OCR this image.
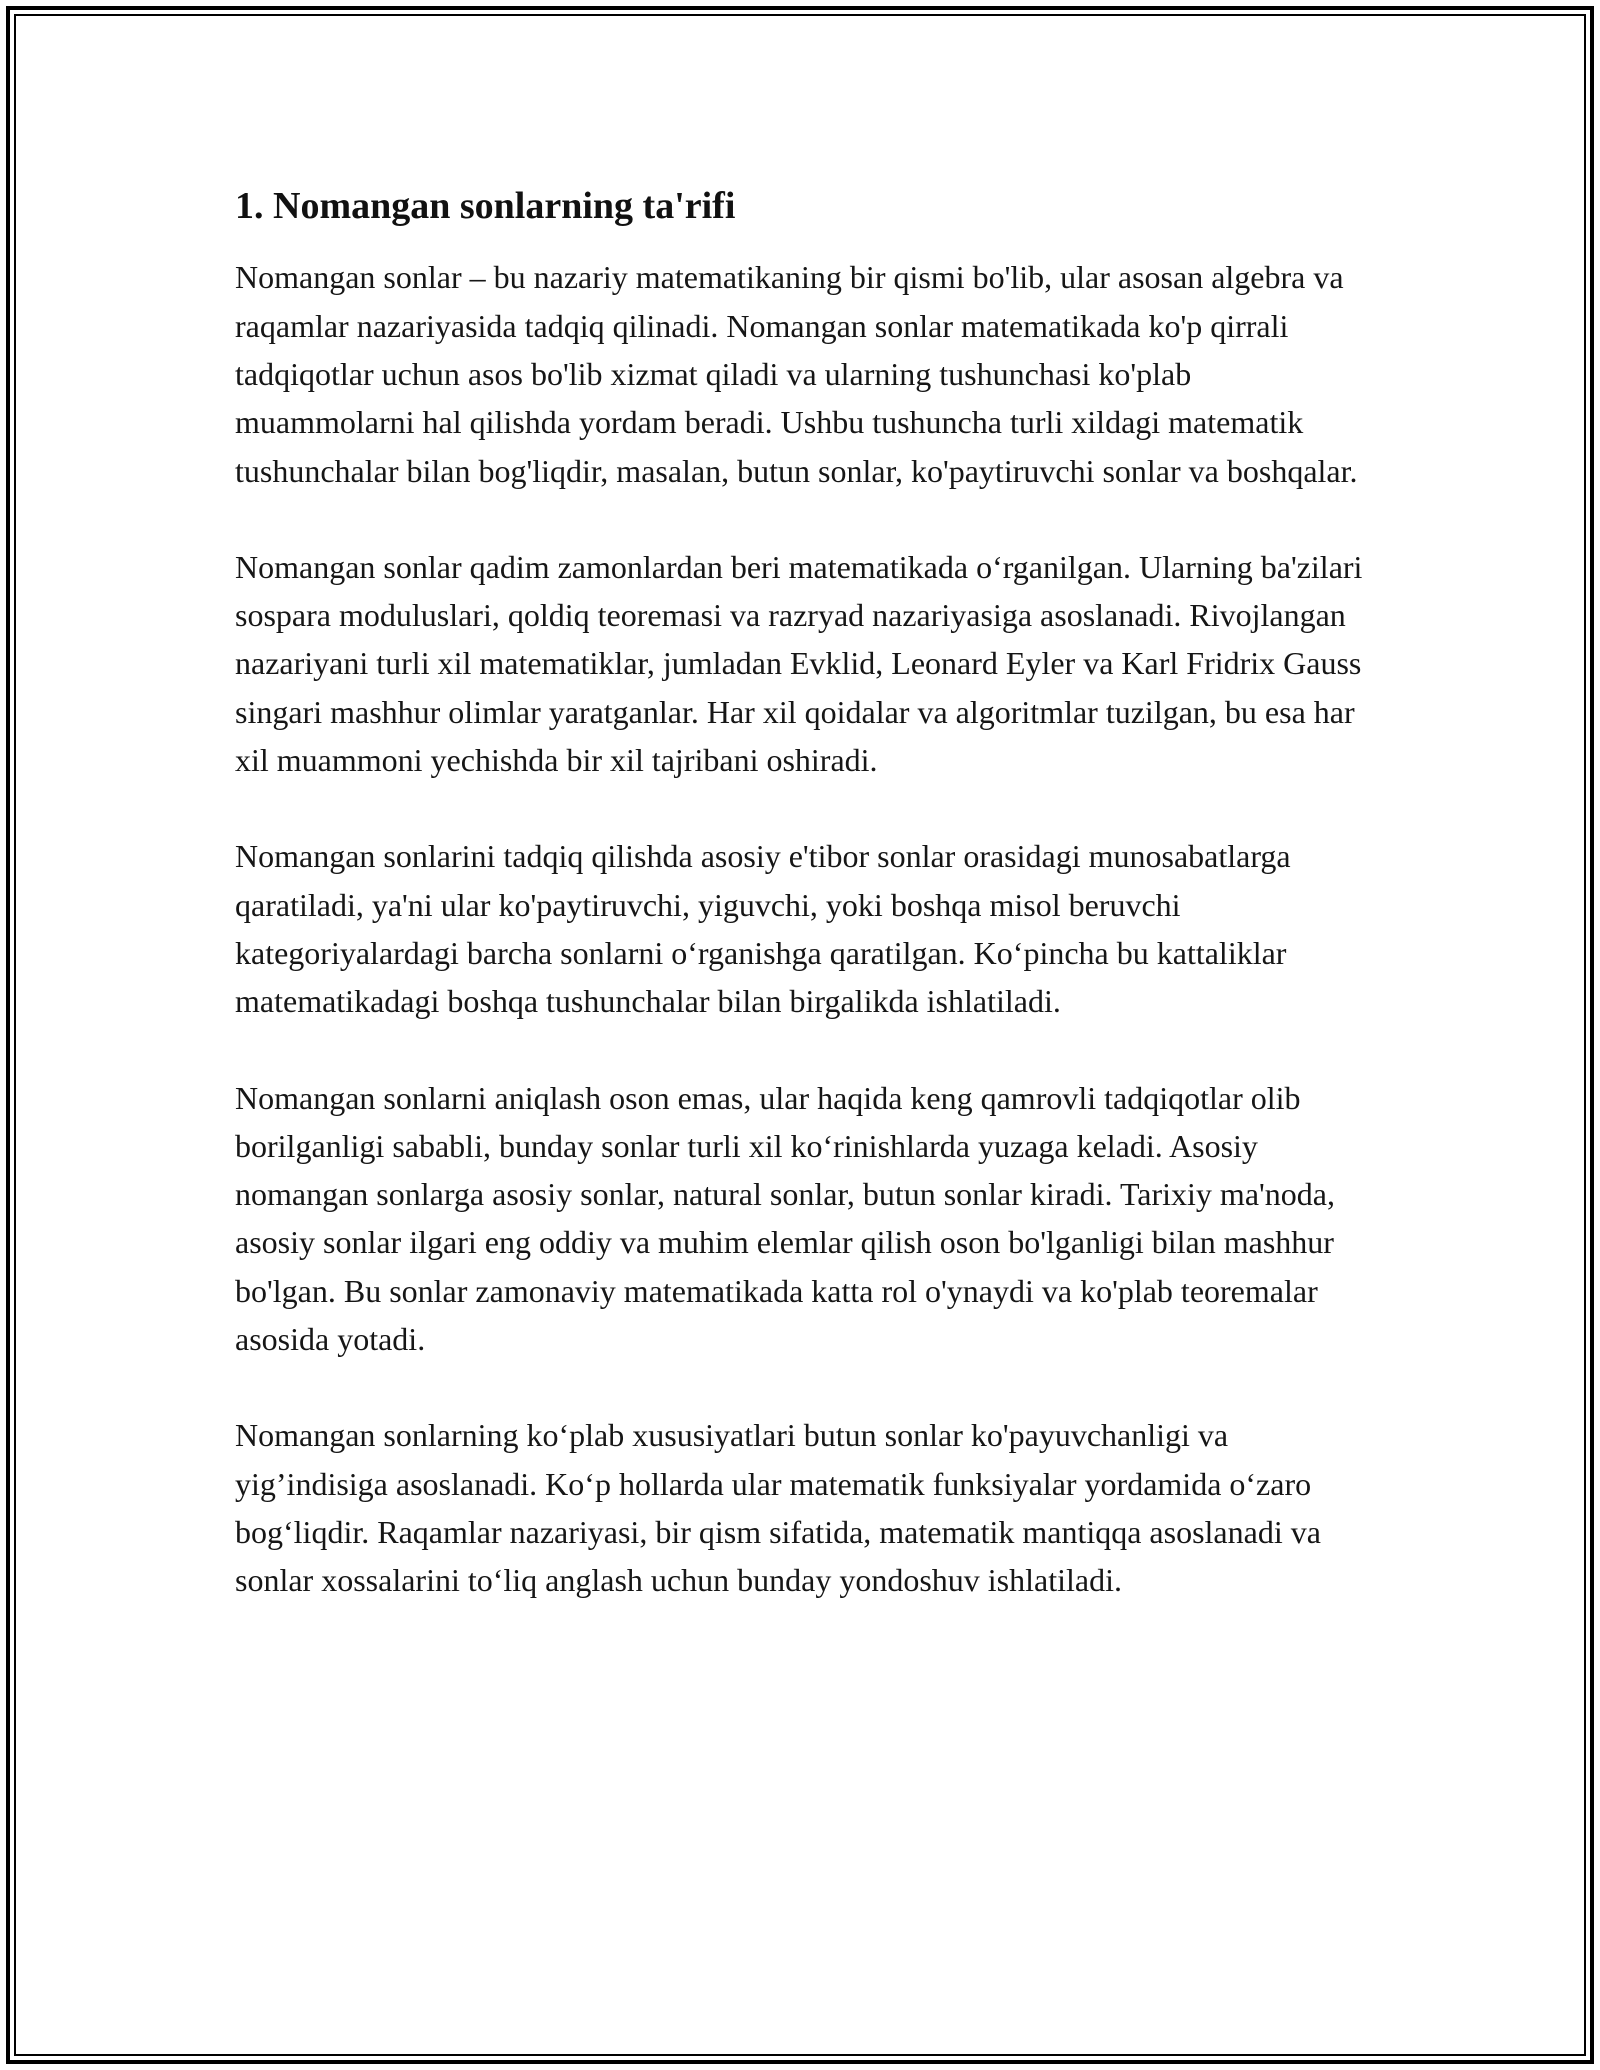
1. Nomangan sonlarning ta'rifi

Nomangan sonlar – bu nazariy matematikaning bir qismi bo'lib, ular asosan algebra va raqamlar nazariyasida tadqiq qilinadi. Nomangan sonlar matematikada ko'p qirrali tadqiqotlar uchun asos bo'lib xizmat qiladi va ularning tushunchasi ko'plab muammolarni hal qilishda yordam beradi. Ushbu tushuncha turli xildagi matematik tushunchalar bilan bog'liqdir, masalan, butun sonlar, ko'paytiruvchi sonlar va boshqalar.

Nomangan sonlar qadim zamonlardan beri matematikada o‘rganilgan. Ularning ba'zilari sospara moduluslari, qoldiq teoremasi va razryad nazariyasiga asoslanadi. Rivojlangan nazariyani turli xil matematiklar, jumladan Evklid, Leonard Eyler va Karl Fridrix Gauss singari mashhur olimlar yaratganlar. Har xil qoidalar va algoritmlar tuzilgan, bu esa har xil muammoni yechishda bir xil tajribani oshiradi.

Nomangan sonlarini tadqiq qilishda asosiy e'tibor sonlar orasidagi munosabatlarga qaratiladi, ya'ni ular ko'paytiruvchi, yiguvchi, yoki boshqa misol beruvchi kategoriyalardagi barcha sonlarni o‘rganishga qaratilgan. Ko‘pincha bu kattaliklar matematikadagi boshqa tushunchalar bilan birgalikda ishlatiladi.

Nomangan sonlarni aniqlash oson emas, ular haqida keng qamrovli tadqiqotlar olib borilganligi sababli, bunday sonlar turli xil ko‘rinishlarda yuzaga keladi. Asosiy nomangan sonlarga asosiy sonlar, natural sonlar, butun sonlar kiradi. Tarixiy ma'noda, asosiy sonlar ilgari eng oddiy va muhim elemlar qilish oson bo'lganligi bilan mashhur bo'lgan. Bu sonlar zamonaviy matematikada katta rol o'ynaydi va ko'plab teoremalar asosida yotadi.

Nomangan sonlarning ko‘plab xususiyatlari butun sonlar ko'payuvchanligi va yig’indisiga asoslanadi. Ko‘p hollarda ular matematik funksiyalar yordamida o‘zaro bog‘liqdir. Raqamlar nazariyasi, bir qism sifatida, matematik mantiqqa asoslanadi va sonlar xossalarini to‘liq anglash uchun bunday yondoshuv ishlatiladi.
